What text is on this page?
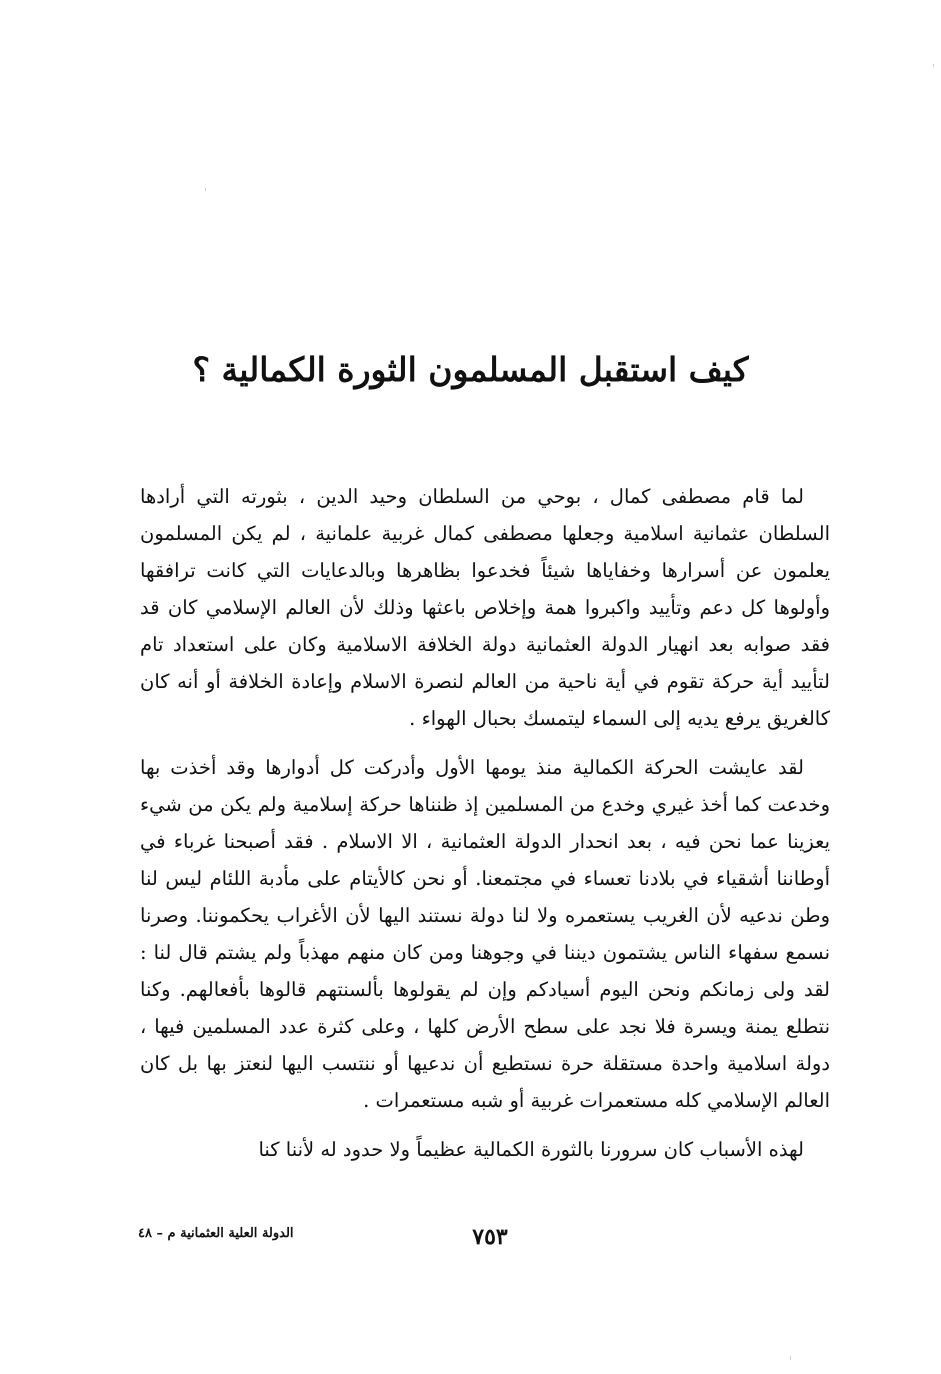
كيف استقبل المسلمون الثورة الكمالية ؟

لما قام مصطفى كمال ، بوحي من السلطان وحيد الدين ، بثورته التي أرادها السلطان عثمانية اسلامية وجعلها مصطفى كمال غربية علمانية ، لم يكن المسلمون يعلمون عن أسرارها وخفاياها شيئاً فخدعوا بظاهرها وبالدعايات التي كانت ترافقها وأولوها كل دعم وتأييد واكبروا همة وإخلاص باعثها وذلك لأن العالم الإسلامي كان قد فقد صوابه بعد انهيار الدولة العثمانية دولة الخلافة الاسلامية وكان على استعداد تام لتأييد أية حركة تقوم في أية ناحية من العالم لنصرة الاسلام وإعادة الخلافة أو أنه كان كالغريق يرفع يديه إلى السماء ليتمسك بحبال الهواء .

لقد عايشت الحركة الكمالية منذ يومها الأول وأدركت كل أدوارها وقد أخذت بها وخدعت كما أخذ غيري وخدع من المسلمين إذ ظنناها حركة إسلامية ولم يكن من شيء يعزينا عما نحن فيه ، بعد انحدار الدولة العثمانية ، الا الاسلام . فقد أصبحنا غرباء في أوطاننا أشقياء في بلادنا تعساء في مجتمعنا. أو نحن كالأيتام على مأدبة اللئام ليس لنا وطن ندعيه لأن الغريب يستعمره ولا لنا دولة نستند اليها لأن الأغراب يحكموننا. وصرنا نسمع سفهاء الناس يشتمون ديننا في وجوهنا ومن كان منهم مهذباً ولم يشتم قال لنا : لقد ولى زمانكم ونحن اليوم أسيادكم وإن لم يقولوها بألسنتهم قالوها بأفعالهم. وكنا نتطلع يمنة ويسرة فلا نجد على سطح الأرض كلها ، وعلى كثرة عدد المسلمين فيها ، دولة اسلامية واحدة مستقلة حرة نستطيع أن ندعيها أو ننتسب اليها لنعتز بها بل كان العالم الإسلامي كله مستعمرات غربية أو شبه مستعمرات .

لهذه الأسباب كان سرورنا بالثورة الكمالية عظيماً ولا حدود له لأننا كنا

٧٥٣
الدولة العلية العثمانية م – ٤٨
